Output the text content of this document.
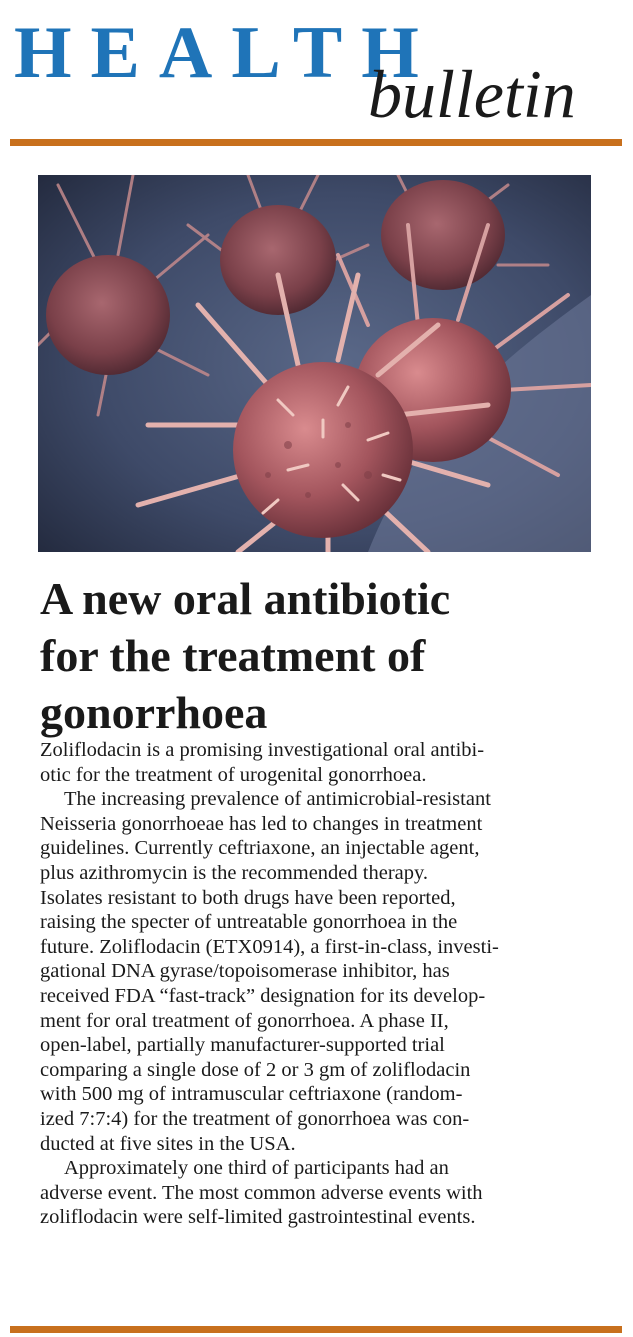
HEALTH
bulletin
A new oral antibiotic
for the treatment of
gonorrhoea
Zoliflodacin is a promising investigational oral antibi-
otic for the treatment of urogenital gonorrhoea.
The increasing prevalence of antimicrobial-resistant
Neisseria gonorrhoeae has led to changes in treatment
guidelines. Currently ceftriaxone, an injectable agent,
plus azithromycin is the recommended therapy.
Isolates resistant to both drugs have been reported,
raising the specter of untreatable gonorrhoea in the
future. Zoliflodacin (ETX0914), a first-in-class, investi-
gational DNA gyrase/topoisomerase inhibitor, has
received FDA “fast-track” designation for its develop-
ment for oral treatment of gonorrhoea. A phase II,
open-label, partially manufacturer-supported trial
comparing a single dose of 2 or 3 gm of zoliflodacin
with 500 mg of intramuscular ceftriaxone (random-
ized 7:7:4) for the treatment of gonorrhoea was con-
ducted at five sites in the USA.
Approximately one third of participants had an
adverse event. The most common adverse events with
zoliflodacin were self-limited gastrointestinal events.
